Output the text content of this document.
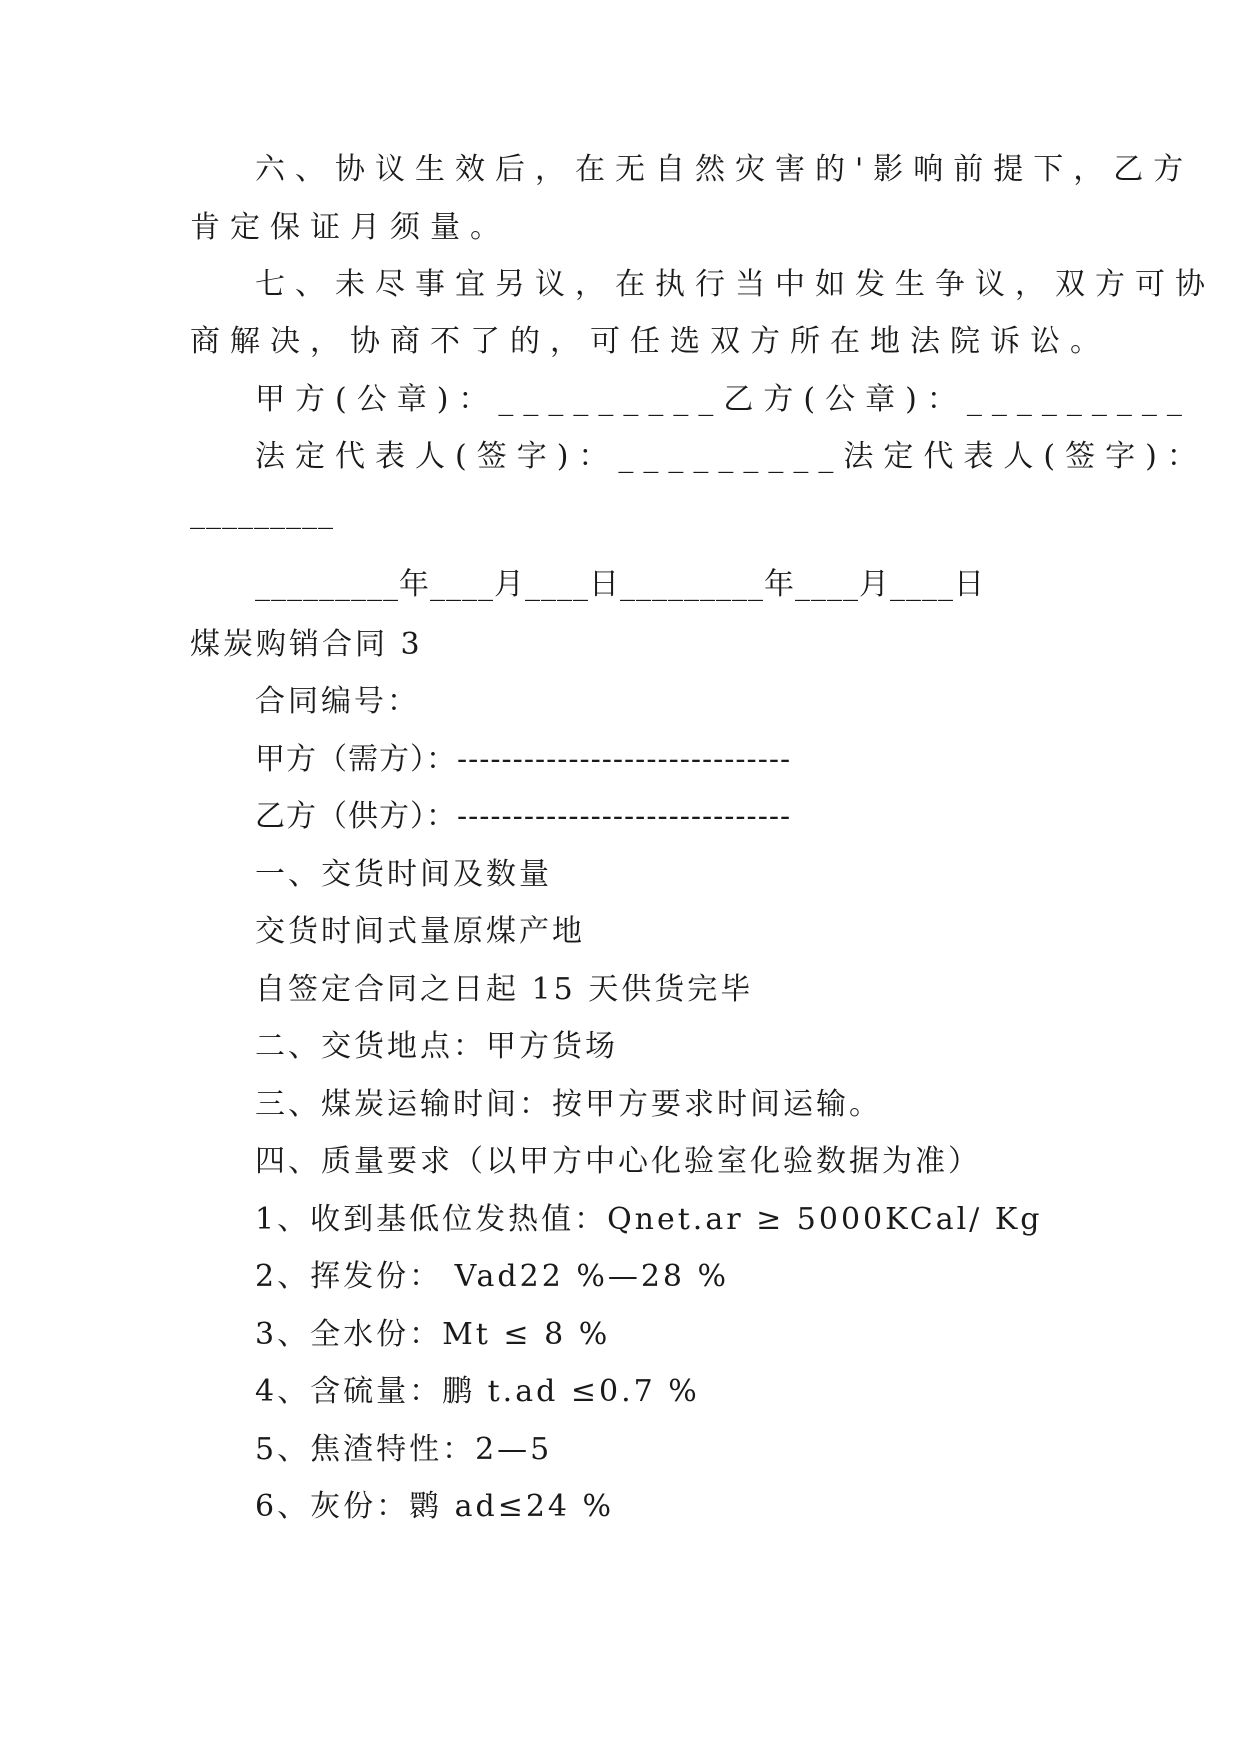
六、协议生效后，在无自然灾害的'影响前提下，乙方
肯定保证月须量。
七、未尽事宜另议，在执行当中如发生争议，双方可协
商解决，协商不了的，可任选双方所在地法院诉讼。
甲方(公章)：_________乙方(公章)：_________
法定代表人(签字)：_________法定代表人(签字)：
_________
_________年____月____日_________年____月____日
煤炭购销合同 3
合同编号：
甲方（需方）：------------------------------
乙方（供方）：------------------------------
一、交货时间及数量
交货时间式量原煤产地
自签定合同之日起 15 天供货完毕
二、交货地点：甲方货场
三、煤炭运输时间：按甲方要求时间运输。
四、质量要求（以甲方中心化验室化验数据为准）
1、收到基低位发热值：Qnet.ar ≥ 5000KCal/ Kg
2、挥发份： Vad22 %—28 %
3、全水份：Mt ≤ 8 %
4、含硫量：鹏 t.ad ≤0.7 %
5、焦渣特性：2—5
6、灰份：鹮 ad≤24 %
